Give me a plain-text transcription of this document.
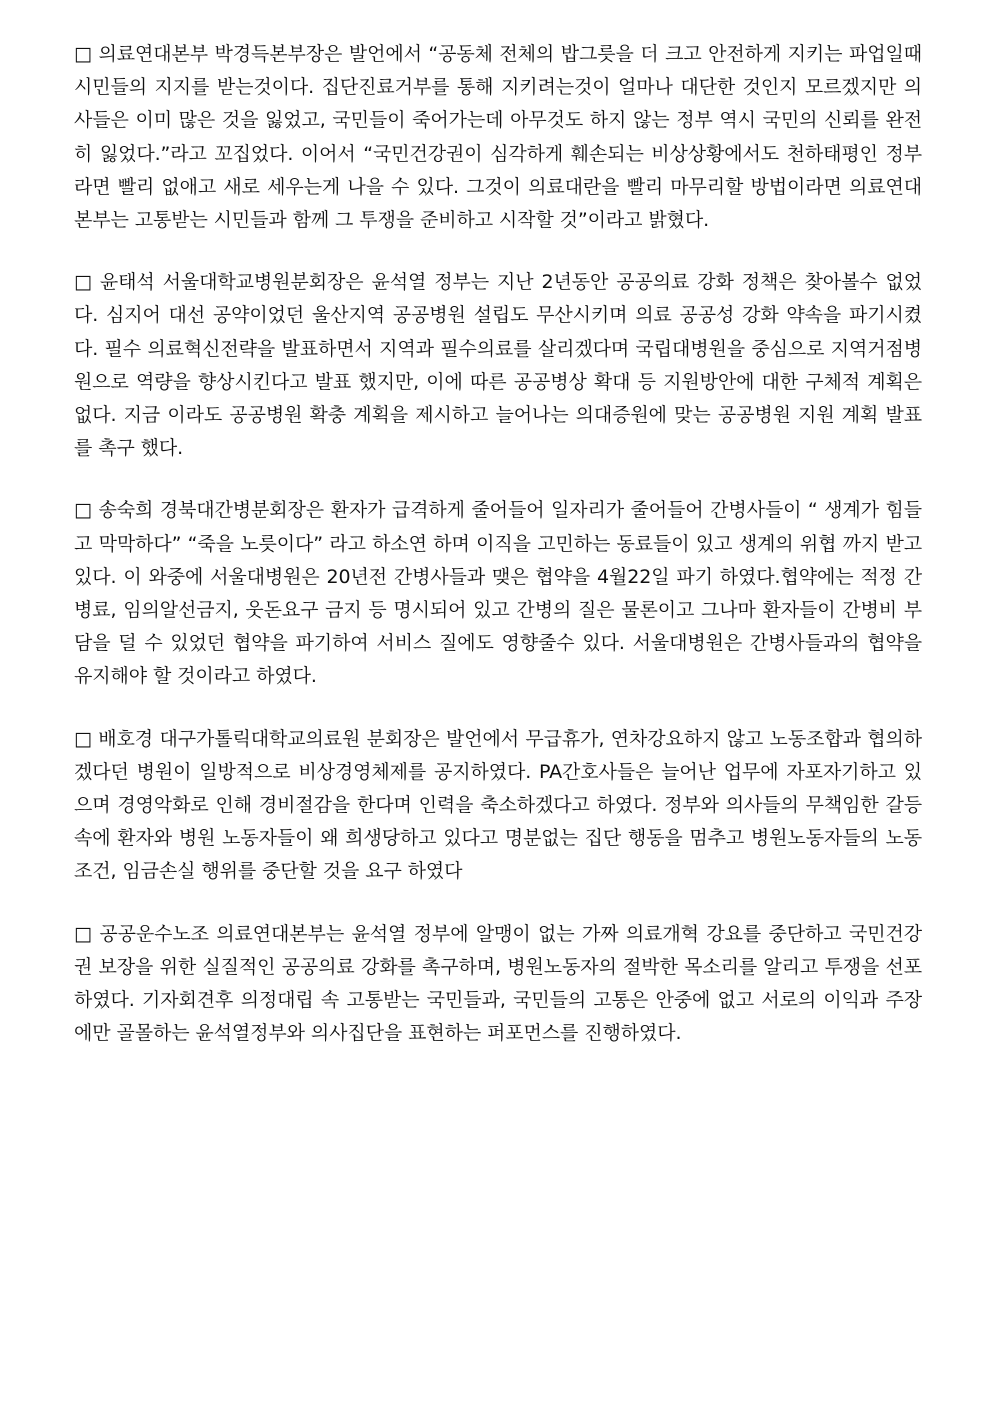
□ 의료연대본부 박경득본부장은 발언에서 “공동체 전체의 밥그릇을 더 크고 안전하게 지키는 파업일때 시민들의 지지를 받는것이다. 집단진료거부를 통해 지키려는것이 얼마나 대단한 것인지 모르겠지만 의사들은 이미 많은 것을 잃었고, 국민들이 죽어가는데 아무것도 하지 않는 정부 역시 국민의 신뢰를 완전히 잃었다.”라고 꼬집었다. 이어서 “국민건강권이 심각하게 훼손되는 비상상황에서도 천하태평인 정부라면 빨리 없애고 새로 세우는게 나을 수 있다. 그것이 의료대란을 빨리 마무리할 방법이라면 의료연대본부는 고통받는 시민들과 함께 그 투쟁을 준비하고 시작할 것”이라고 밝혔다.

□ 윤태석 서울대학교병원분회장은 윤석열 정부는 지난 2년동안 공공의료 강화 정책은 찾아볼수 없었다. 심지어 대선 공약이었던 울산지역 공공병원 설립도 무산시키며 의료 공공성 강화 약속을 파기시켰다. 필수 의료혁신전략을 발표하면서 지역과 필수의료를 살리겠다며 국립대병원을 중심으로 지역거점병원으로 역량을 향상시킨다고 발표 했지만, 이에 따른 공공병상 확대 등 지원방안에 대한 구체적 계획은 없다. 지금 이라도 공공병원 확충 계획을 제시하고 늘어나는 의대증원에 맞는 공공병원 지원 계획 발표를 촉구 했다.

□ 송숙희 경북대간병분회장은 환자가 급격하게 줄어들어 일자리가 줄어들어 간병사들이 “ 생계가 힘들고 막막하다” “죽을 노릇이다” 라고 하소연 하며 이직을 고민하는 동료들이 있고 생계의 위협 까지 받고 있다. 이 와중에 서울대병원은 20년전 간병사들과 맺은 협약을 4월22일 파기 하였다.협약에는 적정 간병료, 임의알선금지, 웃돈요구 금지 등 명시되어 있고 간병의 질은 물론이고 그나마 환자들이 간병비 부담을 덜 수 있었던 협약을 파기하여 서비스 질에도 영향줄수 있다. 서울대병원은 간병사들과의 협약을 유지해야 할 것이라고 하였다.

□ 배호경 대구가톨릭대학교의료원 분회장은 발언에서 무급휴가, 연차강요하지 않고 노동조합과 협의하겠다던 병원이 일방적으로 비상경영체제를 공지하였다. PA간호사들은 늘어난 업무에 자포자기하고 있으며 경영악화로 인해 경비절감을 한다며 인력을 축소하겠다고 하였다. 정부와 의사들의 무책임한 갈등속에 환자와 병원 노동자들이 왜 희생당하고 있다고 명분없는 집단 행동을 멈추고 병원노동자들의 노동조건, 임금손실 행위를 중단할 것을 요구 하였다

□ 공공운수노조 의료연대본부는 윤석열 정부에 알맹이 없는 가짜 의료개혁 강요를 중단하고 국민건강권 보장을 위한 실질적인 공공의료 강화를 촉구하며, 병원노동자의 절박한 목소리를 알리고 투쟁을 선포 하였다. 기자회견후 의정대립 속 고통받는 국민들과, 국민들의 고통은 안중에 없고 서로의 이익과 주장에만 골몰하는 윤석열정부와 의사집단을 표현하는 퍼포먼스를 진행하였다.
